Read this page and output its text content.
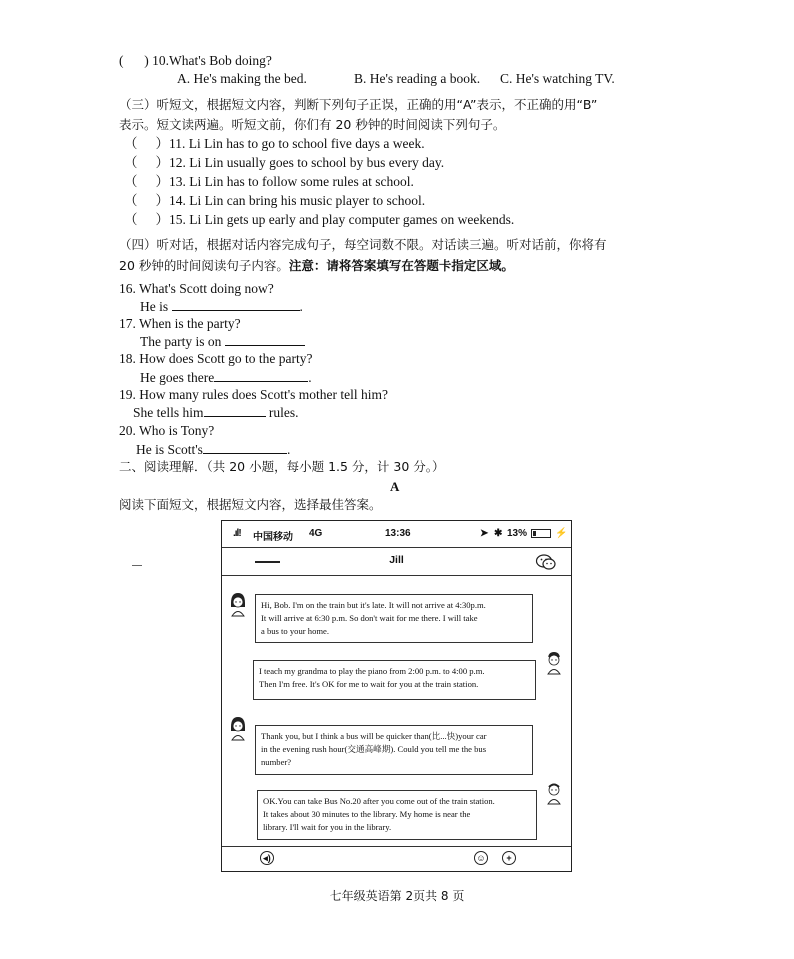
( ) 10.What's Bob doing?
A. He's making the bed.	B. He's reading a book. C. He's watching TV.
（三）听短文，根据短文内容，判断下列句子正误，正确的用“A”表示，不正确的用“B”
表示。短文读两遍。听短文前，你们有 20 秒钟的时间阅读下列句子。
（ ）11. Li Lin has to go to school five days a week.
（ ）12. Li Lin usually goes to school by bus every day.
（ ）13. Li Lin has to follow some rules at school.
（ ）14. Li Lin can bring his music player to school.
（ ）15. Li Lin gets up early and play computer games on weekends.
（四）听对话，根据对话内容完成句子，每空词数不限。对话读三遍。听对话前，你将有
20 秒钟的时间阅读句子内容。注意：请将答案填写在答题卡指定区域。
16. What's Scott doing now?
He is	.
17. When is the party?
The party is on
18. How does Scott go to the party?
He goes there	.
19. How many rules does Scott's mother tell him?
She tells him	rules.
20. Who is Tony?
He is Scott's	.
二、阅读理解．（共 20 小题，每小题 1.5 分，计 30 分。）
A
阅读下面短文，根据短文内容，选择最佳答案。
.ıl! 中国移动 4G	13:36	➤ ✱ 13%	⚡
Jill

Hi, Bob. I'm on the train but it's late. It will not arrive at 4:30p.m.

It will arrive at 6:30 p.m. So don't wait for me there. I will take

a bus to your home.

I teach my grandma to play the piano from 2:00 p.m. to 4:00 p.m.

Then I'm free. It's OK for me to wait for you at the train station.

Thank you, but I think a bus will be quicker than(比...快)your car

in the evening rush hour(交通高峰期). Could you tell me the bus

number?

OK.You can take Bus No.20 after you come out of the train station.

It takes about 30 minutes to the library. My home is near the

library. I'll wait for you in the library.

◂)	☺	+
七年级英语第 2页共 8 页
